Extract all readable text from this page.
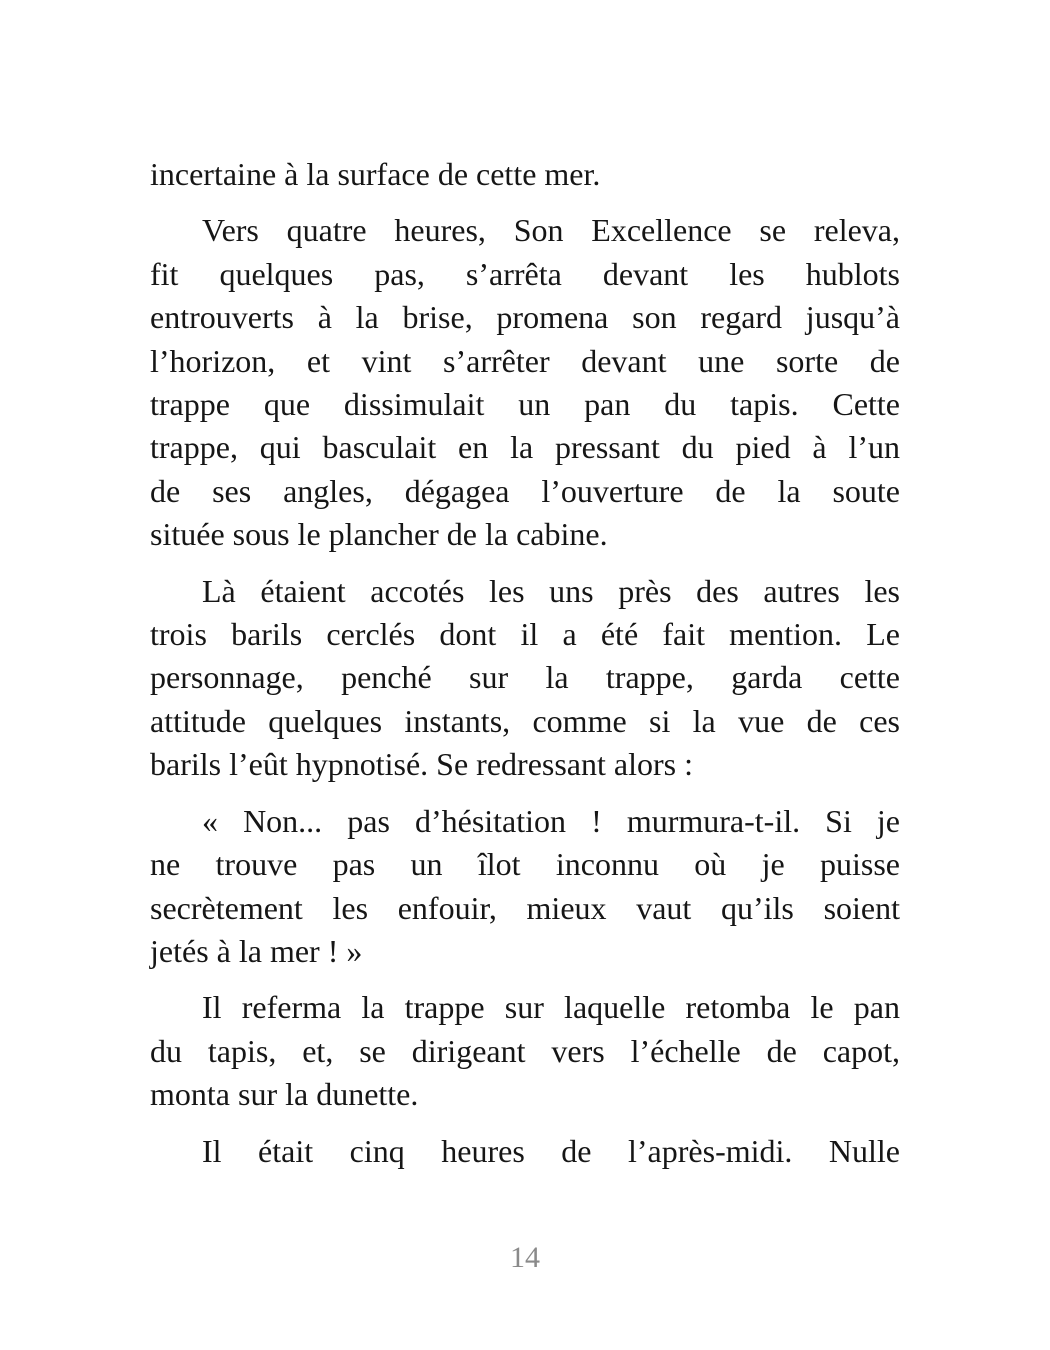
incertaine à la surface de cette mer.
Vers quatre heures, Son Excellence se releva,
fit quelques pas, s’arrêta devant les hublots
entrouverts à la brise, promena son regard jusqu’à
l’horizon, et vint s’arrêter devant une sorte de
trappe que dissimulait un pan du tapis. Cette
trappe, qui basculait en la pressant du pied à l’un
de ses angles, dégagea l’ouverture de la soute
située sous le plancher de la cabine.
Là étaient accotés les uns près des autres les
trois barils cerclés dont il a été fait mention. Le
personnage, penché sur la trappe, garda cette
attitude quelques instants, comme si la vue de ces
barils l’eût hypnotisé. Se redressant alors :
« Non... pas d’hésitation ! murmura-t-il. Si je
ne trouve pas un îlot inconnu où je puisse
secrètement les enfouir, mieux vaut qu’ils soient
jetés à la mer ! »
Il referma la trappe sur laquelle retomba le pan
du tapis, et, se dirigeant vers l’échelle de capot,
monta sur la dunette.
Il était cinq heures de l’après-midi. Nulle
14
